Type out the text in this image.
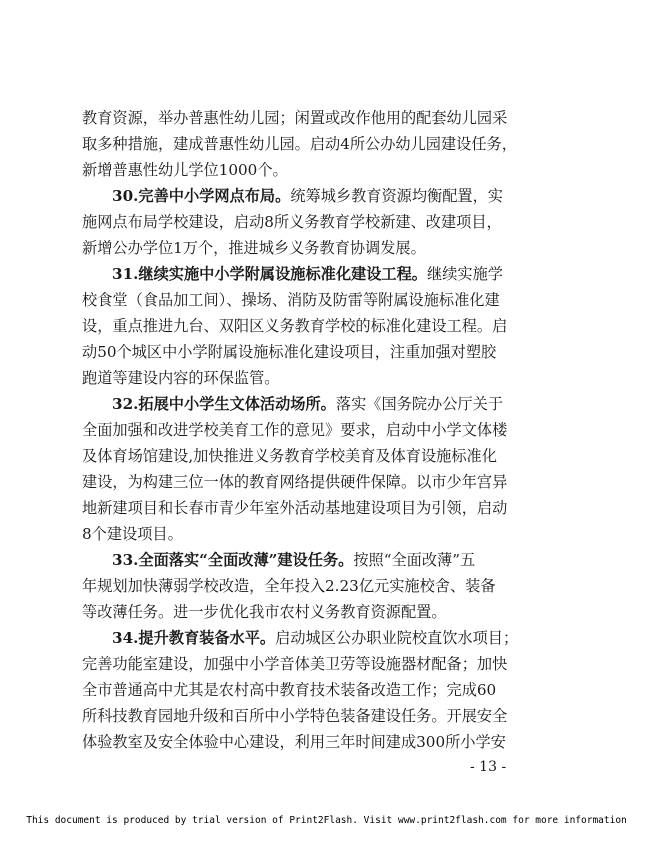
教育资源，举办普惠性幼儿园；闲置或改作他用的配套幼儿园采
取多种措施，建成普惠性幼儿园。启动4所公办幼儿园建设任务，
新增普惠性幼儿学位1000个。
30.完善中小学网点布局。统筹城乡教育资源均衡配置，实
施网点布局学校建设，启动8所义务教育学校新建、改建项目，
新增公办学位1万个，推进城乡义务教育协调发展。
31.继续实施中小学附属设施标准化建设工程。继续实施学
校食堂（食品加工间）、操场、消防及防雷等附属设施标准化建
设，重点推进九台、双阳区义务教育学校的标准化建设工程。启
动50个城区中小学附属设施标准化建设项目，注重加强对塑胶
跑道等建设内容的环保监管。
32.拓展中小学生文体活动场所。落实《国务院办公厅关于
全面加强和改进学校美育工作的意见》要求，启动中小学文体楼
及体育场馆建设,加快推进义务教育学校美育及体育设施标准化
建设，为构建三位一体的教育网络提供硬件保障。以市少年宫异
地新建项目和长春市青少年室外活动基地建设项目为引领，启动
8个建设项目。
33.全面落实“全面改薄”建设任务。按照“全面改薄”五
年规划加快薄弱学校改造，全年投入2.23亿元实施校舍、装备
等改薄任务。进一步优化我市农村义务教育资源配置。
34.提升教育装备水平。启动城区公办职业院校直饮水项目；
完善功能室建设，加强中小学音体美卫劳等设施器材配备；加快
全市普通高中尤其是农村高中教育技术装备改造工作；完成60
所科技教育园地升级和百所中小学特色装备建设任务。开展安全
体验教室及安全体验中心建设，利用三年时间建成300所小学安
- 13 -
This document is produced by trial version of Print2Flash. Visit www.print2flash.com for more information
